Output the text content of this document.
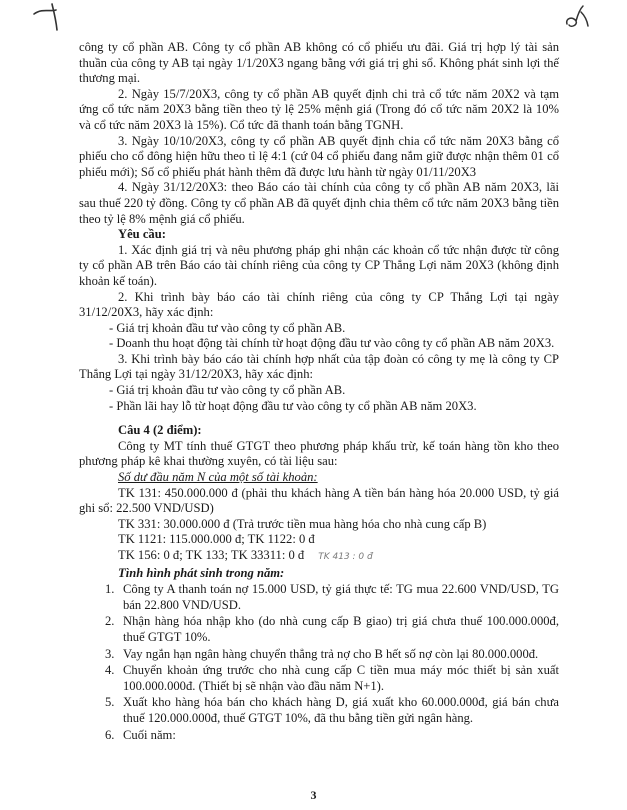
công ty cổ phần AB. Công ty cổ phần AB không có cổ phiếu ưu đãi. Giá trị hợp lý tài sản thuần của công ty AB tại ngày 1/1/20X3 ngang bằng với giá trị ghi sổ. Không phát sinh lợi thế thương mại.

2. Ngày 15/7/20X3, công ty cổ phần AB quyết định chi trả cổ tức năm 20X2 và tạm ứng cổ tức năm 20X3 bằng tiền theo tỷ lệ 25% mệnh giá (Trong đó cổ tức năm 20X2 là 10% và cổ tức năm 20X3 là 15%). Cổ tức đã thanh toán bằng TGNH.

3. Ngày 10/10/20X3, công ty cổ phần AB quyết định chia cổ tức năm 20X3 bằng cổ phiếu cho cổ đông hiện hữu theo tỉ lệ 4:1 (cứ 04 cổ phiếu đang nắm giữ được nhận thêm 01 cổ phiếu mới); Số cổ phiếu phát hành thêm đã được lưu hành từ ngày 01/11/20X3

4. Ngày 31/12/20X3: theo Báo cáo tài chính của công ty cổ phần AB năm 20X3, lãi sau thuế 220 tỷ đồng. Công ty cổ phần AB đã quyết định chia thêm cổ tức năm 20X3 bằng tiền theo tỷ lệ 8% mệnh giá cổ phiếu.

Yêu cầu:

1. Xác định giá trị và nêu phương pháp ghi nhận các khoản cổ tức nhận được từ công ty cổ phần AB trên Báo cáo tài chính riêng của công ty CP Thắng Lợi năm 20X3 (không định khoản kế toán).

2. Khi trình bày báo cáo tài chính riêng của công ty CP Thắng Lợi tại ngày 31/12/20X3, hãy xác định:

- Giá trị khoản đầu tư vào công ty cổ phần AB.

- Doanh thu hoạt động tài chính từ hoạt động đầu tư vào công ty cổ phần AB năm 20X3.

3. Khi trình bày báo cáo tài chính hợp nhất của tập đoàn có công ty mẹ là công ty CP Thắng Lợi tại ngày 31/12/20X3, hãy xác định:

- Giá trị khoản đầu tư vào công ty cổ phần AB.

- Phần lãi hay lỗ từ hoạt động đầu tư vào công ty cổ phần AB năm 20X3.

Câu 4 (2 điểm):

Công ty MT tính thuế GTGT theo phương pháp khấu trừ, kế toán hàng tồn kho theo phương pháp kê khai thường xuyên, có tài liệu sau:

Số dư đầu năm N của một số tài khoản:

TK 131: 450.000.000 đ (phải thu khách hàng A tiền bán hàng hóa 20.000 USD, tỷ giá ghi sổ: 22.500 VND/USD)

TK 331: 30.000.000 đ (Trả trước tiền mua hàng hóa cho nhà cung cấp B)

TK 1121: 115.000.000 đ; TK 1122: 0 đ

TK 156: 0 đ; TK 133; TK 33311: 0 đ TK 413 : 0 đ

Tình hình phát sinh trong năm:

1. Công ty A thanh toán nợ 15.000 USD, tỷ giá thực tế: TG mua 22.600 VND/USD, TG bán 22.800 VND/USD.
2. Nhận hàng hóa nhập kho (do nhà cung cấp B giao) trị giá chưa thuế 100.000.000đ, thuế GTGT 10%.
3. Vay ngắn hạn ngân hàng chuyển thẳng trả nợ cho B hết số nợ còn lại 80.000.000đ.
4. Chuyển khoản ứng trước cho nhà cung cấp C tiền mua máy móc thiết bị sản xuất 100.000.000đ. (Thiết bị sẽ nhận vào đầu năm N+1).
5. Xuất kho hàng hóa bán cho khách hàng D, giá xuất kho 60.000.000đ, giá bán chưa thuế 120.000.000đ, thuế GTGT 10%, đã thu bằng tiền gửi ngân hàng.
6. Cuối năm:
3
